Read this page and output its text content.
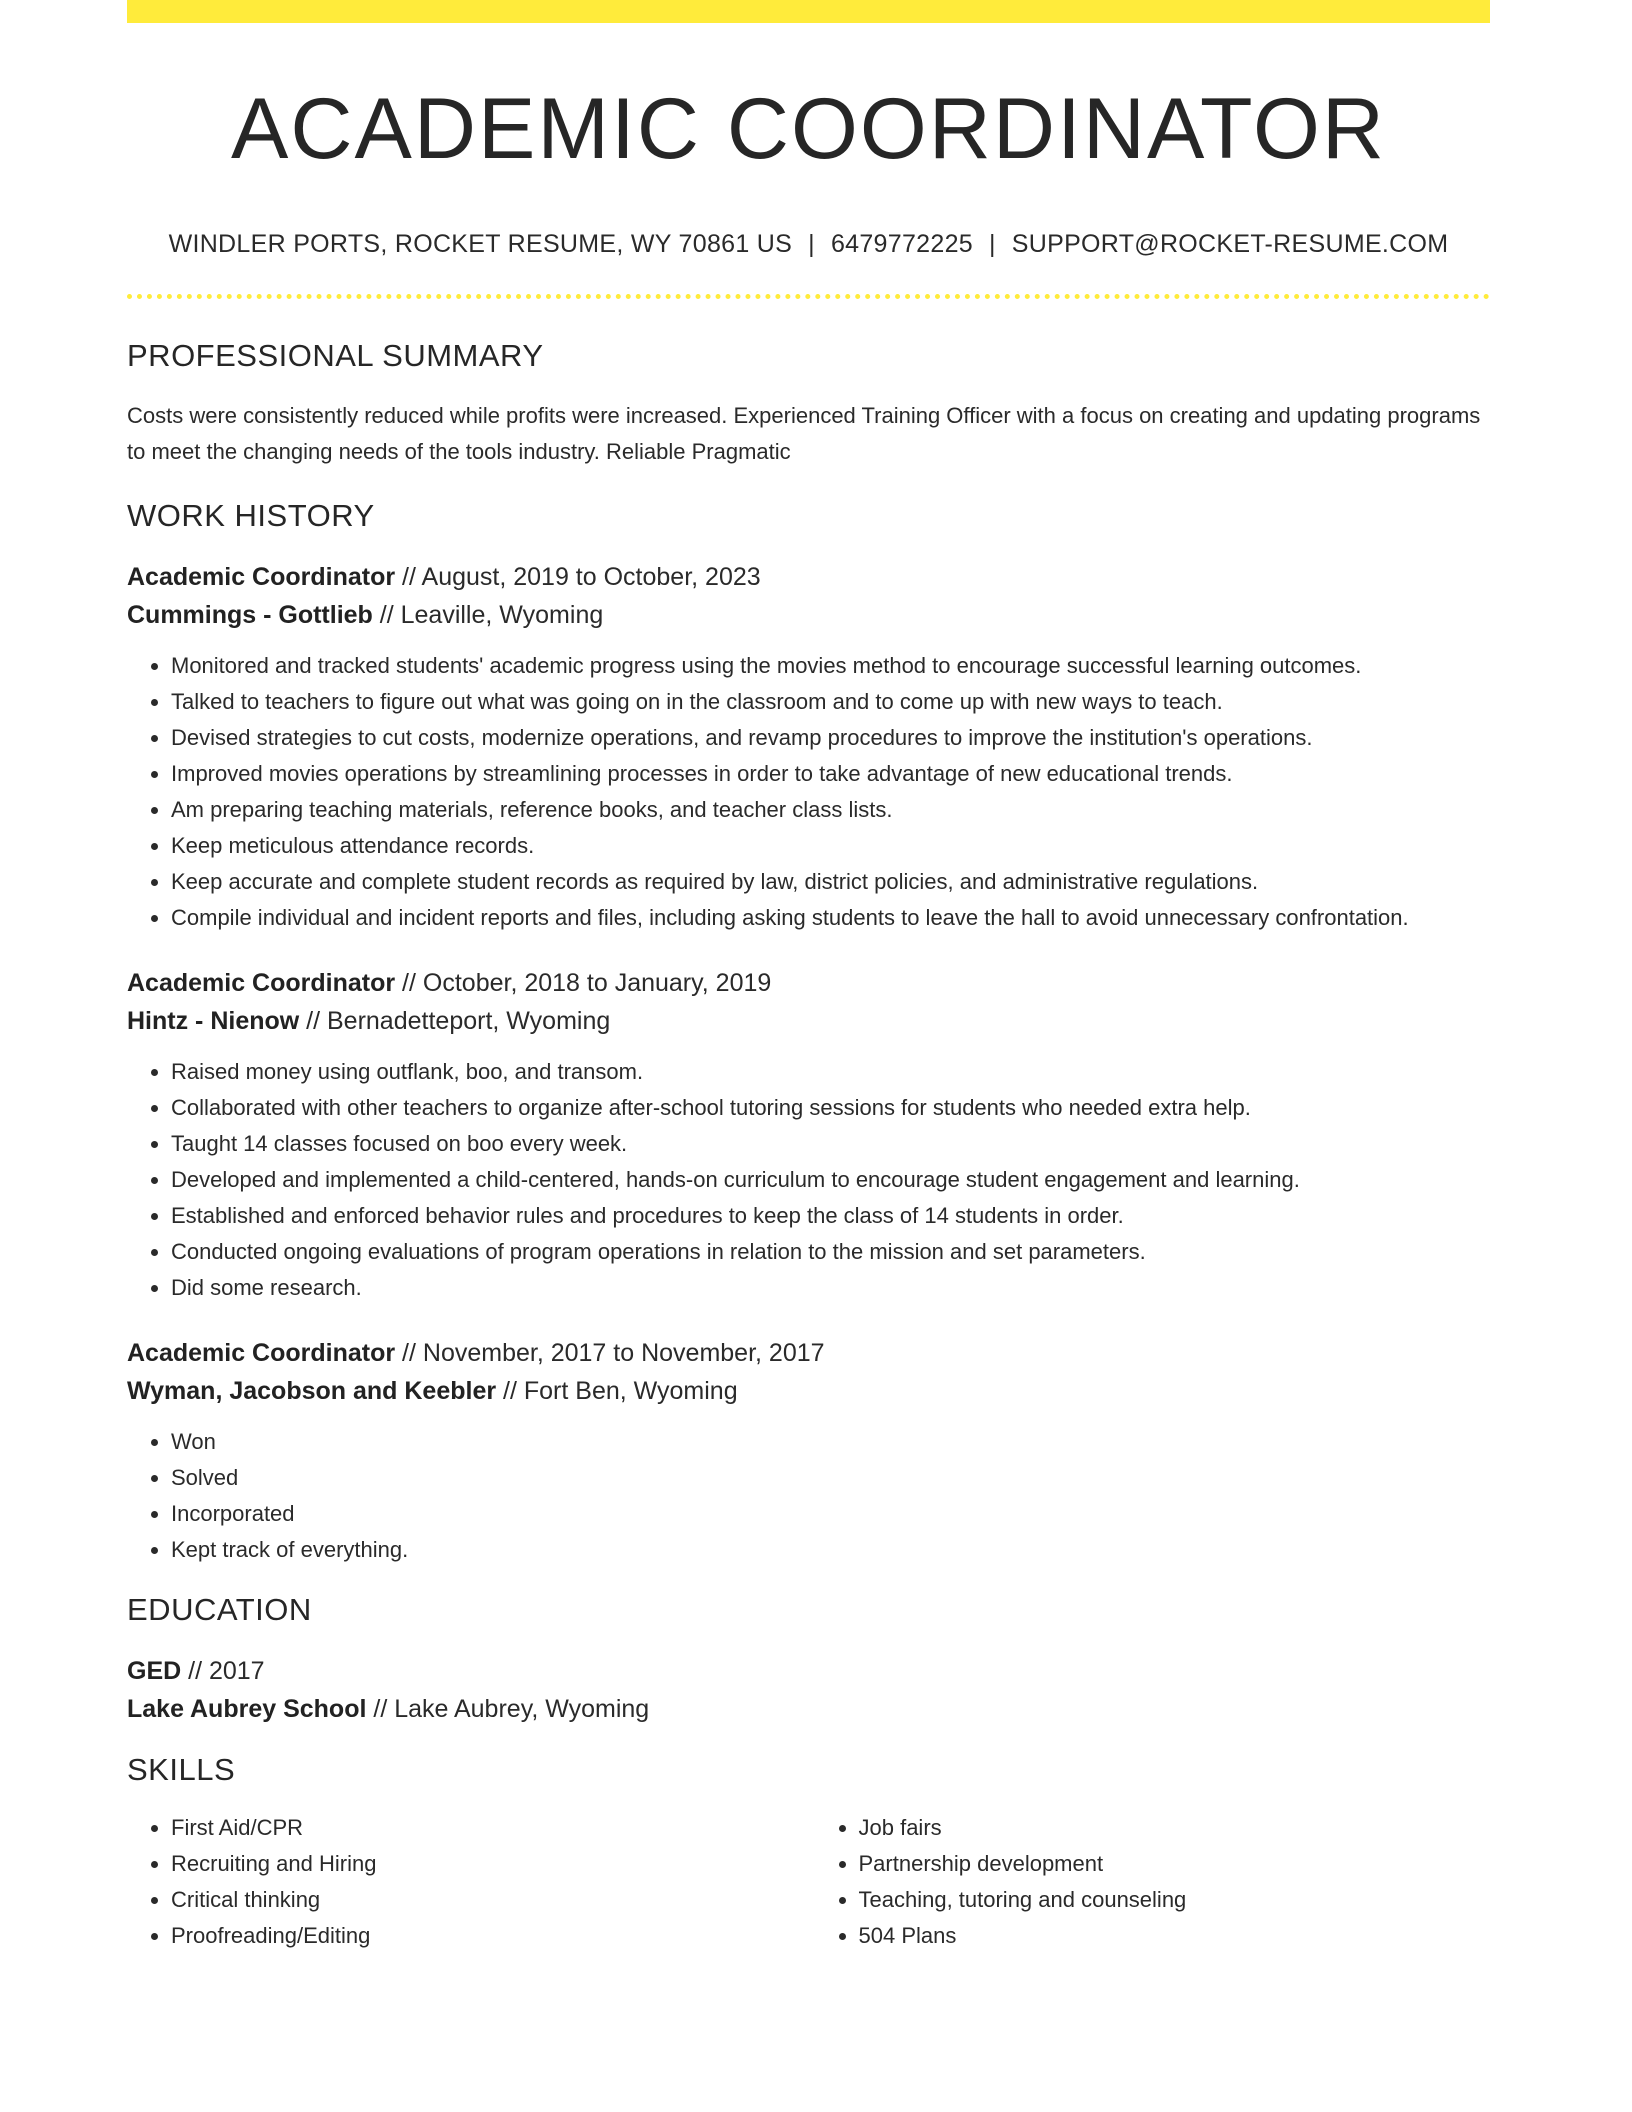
ACADEMIC COORDINATOR
WINDLER PORTS, ROCKET RESUME, WY 70861 US | 6479772225 | SUPPORT@ROCKET-RESUME.COM
PROFESSIONAL SUMMARY
Costs were consistently reduced while profits were increased. Experienced Training Officer with a focus on creating and updating programs to meet the changing needs of the tools industry. Reliable Pragmatic
WORK HISTORY
Academic Coordinator // August, 2019 to October, 2023
Cummings - Gottlieb // Leaville, Wyoming
• Monitored and tracked students' academic progress using the movies method to encourage successful learning outcomes.
• Talked to teachers to figure out what was going on in the classroom and to come up with new ways to teach.
• Devised strategies to cut costs, modernize operations, and revamp procedures to improve the institution's operations.
• Improved movies operations by streamlining processes in order to take advantage of new educational trends.
• Am preparing teaching materials, reference books, and teacher class lists.
• Keep meticulous attendance records.
• Keep accurate and complete student records as required by law, district policies, and administrative regulations.
• Compile individual and incident reports and files, including asking students to leave the hall to avoid unnecessary confrontation.
Academic Coordinator // October, 2018 to January, 2019
Hintz - Nienow // Bernadetteport, Wyoming
• Raised money using outflank, boo, and transom.
• Collaborated with other teachers to organize after-school tutoring sessions for students who needed extra help.
• Taught 14 classes focused on boo every week.
• Developed and implemented a child-centered, hands-on curriculum to encourage student engagement and learning.
• Established and enforced behavior rules and procedures to keep the class of 14 students in order.
• Conducted ongoing evaluations of program operations in relation to the mission and set parameters.
• Did some research.
Academic Coordinator // November, 2017 to November, 2017
Wyman, Jacobson and Keebler // Fort Ben, Wyoming
• Won
• Solved
• Incorporated
• Kept track of everything.
EDUCATION
GED // 2017
Lake Aubrey School // Lake Aubrey, Wyoming
SKILLS
• First Aid/CPR
• Recruiting and Hiring
• Critical thinking
• Proofreading/Editing
• Job fairs
• Partnership development
• Teaching, tutoring and counseling
• 504 Plans
